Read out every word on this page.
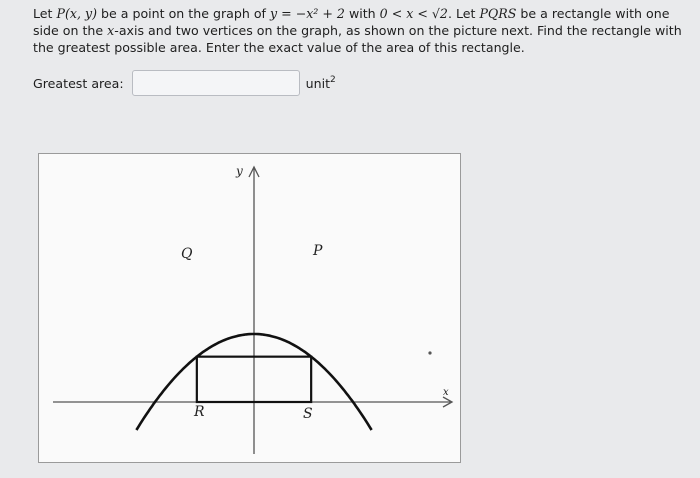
Let P(x, y) be a point on the graph of y = −x² + 2 with 0 < x < √2. Let PQRS be a rectangle with one side on the x-axis and two vertices on the graph, as shown on the picture next. Find the rectangle with the greatest possible area. Enter the exact value of the area of this rectangle.

Greatest area:	unit$^2$
Q	P
R	S
y
x
